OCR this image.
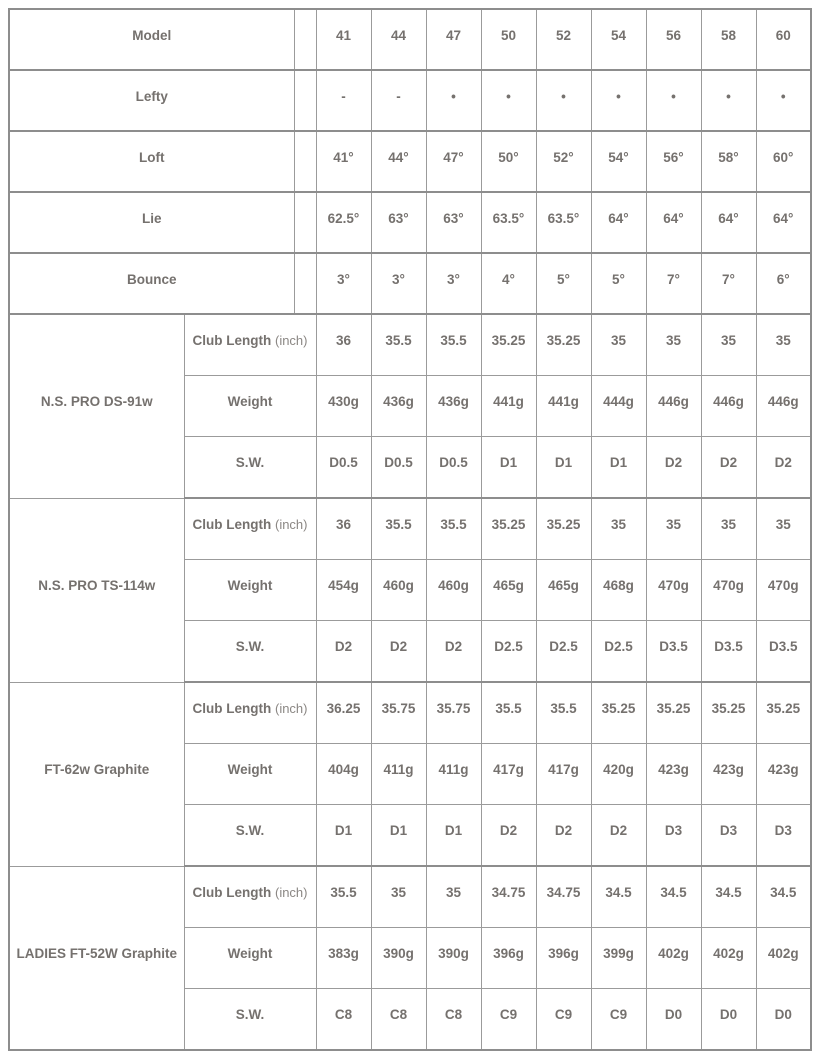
Model			41	44	47	50	52	54	56	58	60
Lefty			-	-	•	•	•	•	•	•	•
Loft			41°	44°	47°	50°	52°	54°	56°	58°	60°
Lie			62.5°	63°	63°	63.5°	63.5°	64°	64°	64°	64°
Bounce			3°	3°	3°	4°	5°	5°	7°	7°	6°
N.S. PRO DS-91w	Club Length (inch)		36	35.5	35.5	35.25	35.25	35	35	35	35
	Weight		430g	436g	436g	441g	441g	444g	446g	446g	446g
	S.W.		D0.5	D0.5	D0.5	D1	D1	D1	D2	D2	D2
N.S. PRO TS-114w	Club Length (inch)		36	35.5	35.5	35.25	35.25	35	35	35	35
	Weight		454g	460g	460g	465g	465g	468g	470g	470g	470g
	S.W.		D2	D2	D2	D2.5	D2.5	D2.5	D3.5	D3.5	D3.5
FT-62w Graphite	Club Length (inch)		36.25	35.75	35.75	35.5	35.5	35.25	35.25	35.25	35.25
	Weight		404g	411g	411g	417g	417g	420g	423g	423g	423g
	S.W.		D1	D1	D1	D2	D2	D2	D3	D3	D3
LADIES FT-52W Graphite	Club Length (inch)		35.5	35	35	34.75	34.75	34.5	34.5	34.5	34.5
	Weight		383g	390g	390g	396g	396g	399g	402g	402g	402g
	S.W.		C8	C8	C8	C9	C9	C9	D0	D0	D0
